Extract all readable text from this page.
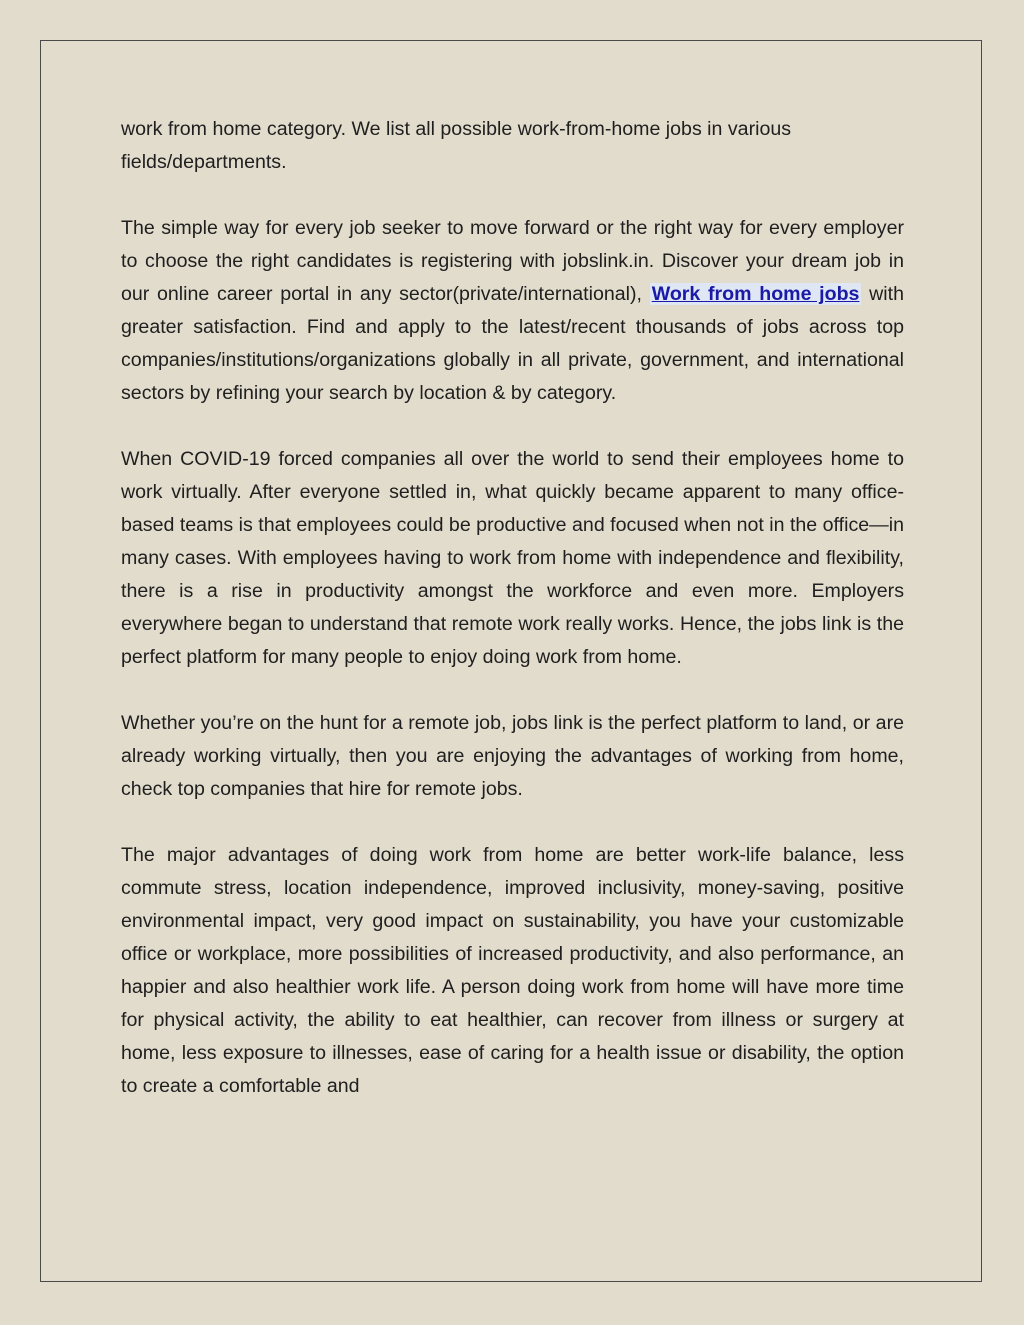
work from home category. We list all possible work-from-home jobs in various fields/departments.

The simple way for every job seeker to move forward or the right way for every employer to choose the right candidates is registering with jobslink.in. Discover your dream job in our online career portal in any sector(private/international), Work from home jobs with greater satisfaction. Find and apply to the latest/recent thousands of jobs across top companies/institutions/organizations globally in all private, government, and international sectors by refining your search by location & by category.

When COVID-19 forced companies all over the world to send their employees home to work virtually. After everyone settled in, what quickly became apparent to many office-based teams is that employees could be productive and focused when not in the office—in many cases. With employees having to work from home with independence and flexibility, there is a rise in productivity amongst the workforce and even more. Employers everywhere began to understand that remote work really works. Hence, the jobs link is the perfect platform for many people to enjoy doing work from home.

Whether you’re on the hunt for a remote job, jobs link is the perfect platform to land, or are already working virtually, then you are enjoying the advantages of working from home, check top companies that hire for remote jobs.

The major advantages of doing work from home are better work-life balance, less commute stress, location independence, improved inclusivity, money-saving, positive environmental impact, very good impact on sustainability, you have your customizable office or workplace, more possibilities of increased productivity, and also performance, an happier and also healthier work life. A person doing work from home will have more time for physical activity, the ability to eat healthier, can recover from illness or surgery at home, less exposure to illnesses, ease of caring for a health issue or disability, the option to create a comfortable and
